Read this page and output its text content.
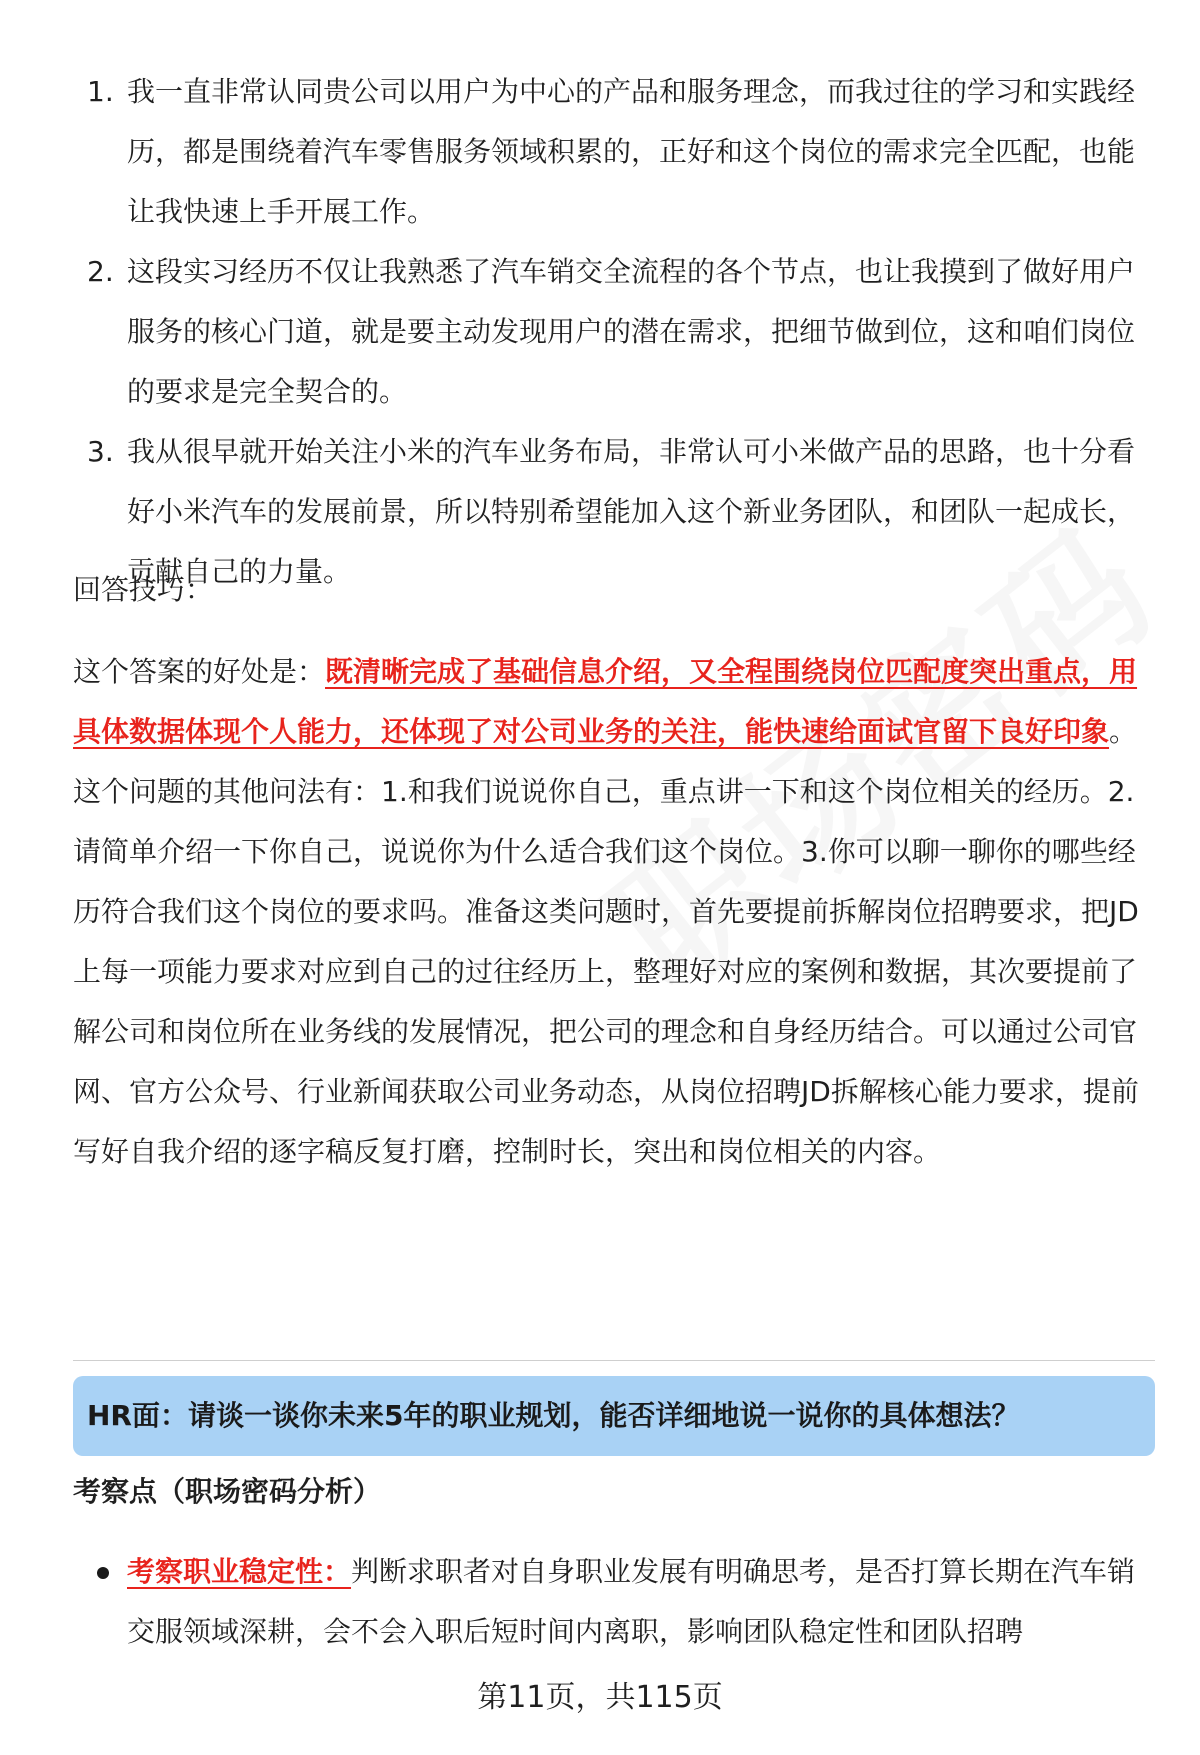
1. 我一直非常认同贵公司以用户为中心的产品和服务理念，而我过往的学习和实践经历，都是围绕着汽车零售服务领域积累的，正好和这个岗位的需求完全匹配，也能让我快速上手开展工作。
2. 这段实习经历不仅让我熟悉了汽车销交全流程的各个节点，也让我摸到了做好用户服务的核心门道，就是要主动发现用户的潜在需求，把细节做到位，这和咱们岗位的要求是完全契合的。
3. 我从很早就开始关注小米的汽车业务布局，非常认可小米做产品的思路，也十分看好小米汽车的发展前景，所以特别希望能加入这个新业务团队，和团队一起成长，贡献自己的力量。

回答技巧：

这个答案的好处是：既清晰完成了基础信息介绍，又全程围绕岗位匹配度突出重点，用具体数据体现个人能力，还体现了对公司业务的关注，能快速给面试官留下良好印象。这个问题的其他问法有：1.和我们说说你自己，重点讲一下和这个岗位相关的经历。2.请简单介绍一下你自己，说说你为什么适合我们这个岗位。3.你可以聊一聊你的哪些经历符合我们这个岗位的要求吗。准备这类问题时，首先要提前拆解岗位招聘要求，把JD上每一项能力要求对应到自己的过往经历上，整理好对应的案例和数据，其次要提前了解公司和岗位所在业务线的发展情况，把公司的理念和自身经历结合。可以通过公司官网、官方公众号、行业新闻获取公司业务动态，从岗位招聘JD拆解核心能力要求，提前写好自我介绍的逐字稿反复打磨，控制时长，突出和岗位相关的内容。

HR面：请谈一谈你未来5年的职业规划，能否详细地说一说你的具体想法？
考察点（职场密码分析）
考察职业稳定性：判断求职者对自身职业发展有明确思考，是否打算长期在汽车销交服领域深耕，会不会入职后短时间内离职，影响团队稳定性和团队招聘
第11页，共115页
